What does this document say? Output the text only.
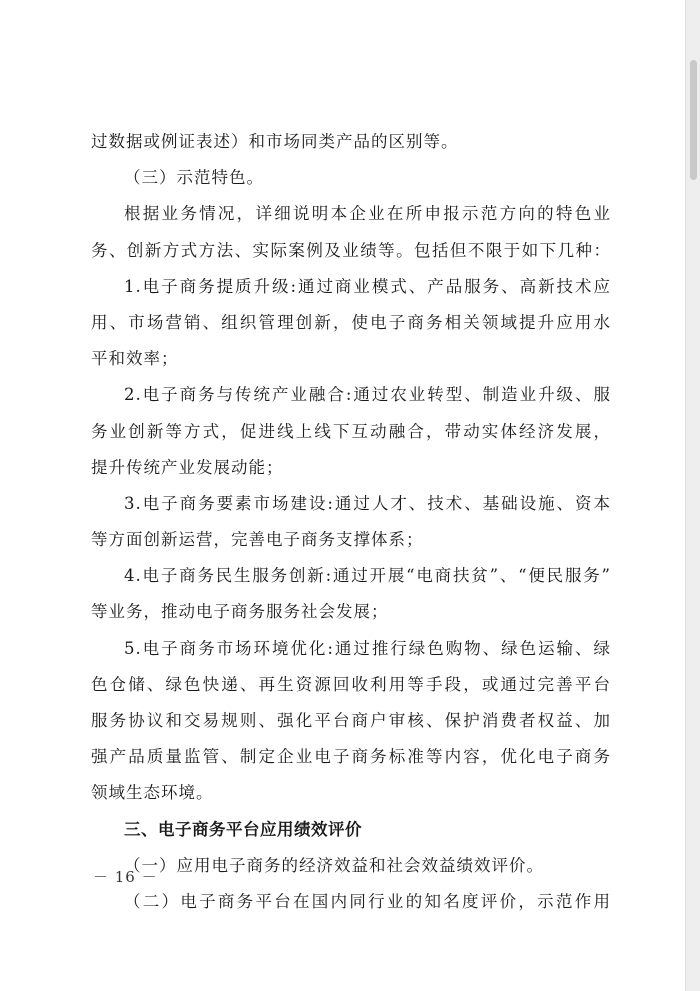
过数据或例证表述）和市场同类产品的区别等。
（三）示范特色。
根据业务情况，详细说明本企业在所申报示范方向的特色业
务、创新方式方法、实际案例及业绩等。包括但不限于如下几种：
1.电子商务提质升级:通过商业模式、产品服务、高新技术应
用、市场营销、组织管理创新，使电子商务相关领域提升应用水
平和效率；
2.电子商务与传统产业融合:通过农业转型、制造业升级、服
务业创新等方式，促进线上线下互动融合，带动实体经济发展，
提升传统产业发展动能；
3.电子商务要素市场建设:通过人才、技术、基础设施、资本
等方面创新运营，完善电子商务支撑体系；
4.电子商务民生服务创新:通过开展“电商扶贫”、“便民服务”
等业务，推动电子商务服务社会发展；
5.电子商务市场环境优化:通过推行绿色购物、绿色运输、绿
色仓储、绿色快递、再生资源回收利用等手段，或通过完善平台
服务协议和交易规则、强化平台商户审核、保护消费者权益、加
强产品质量监管、制定企业电子商务标准等内容，优化电子商务
领域生态环境。
三、电子商务平台应用绩效评价
（一）应用电子商务的经济效益和社会效益绩效评价。
（二）电子商务平台在国内同行业的知名度评价，示范作用
－ 16 －
